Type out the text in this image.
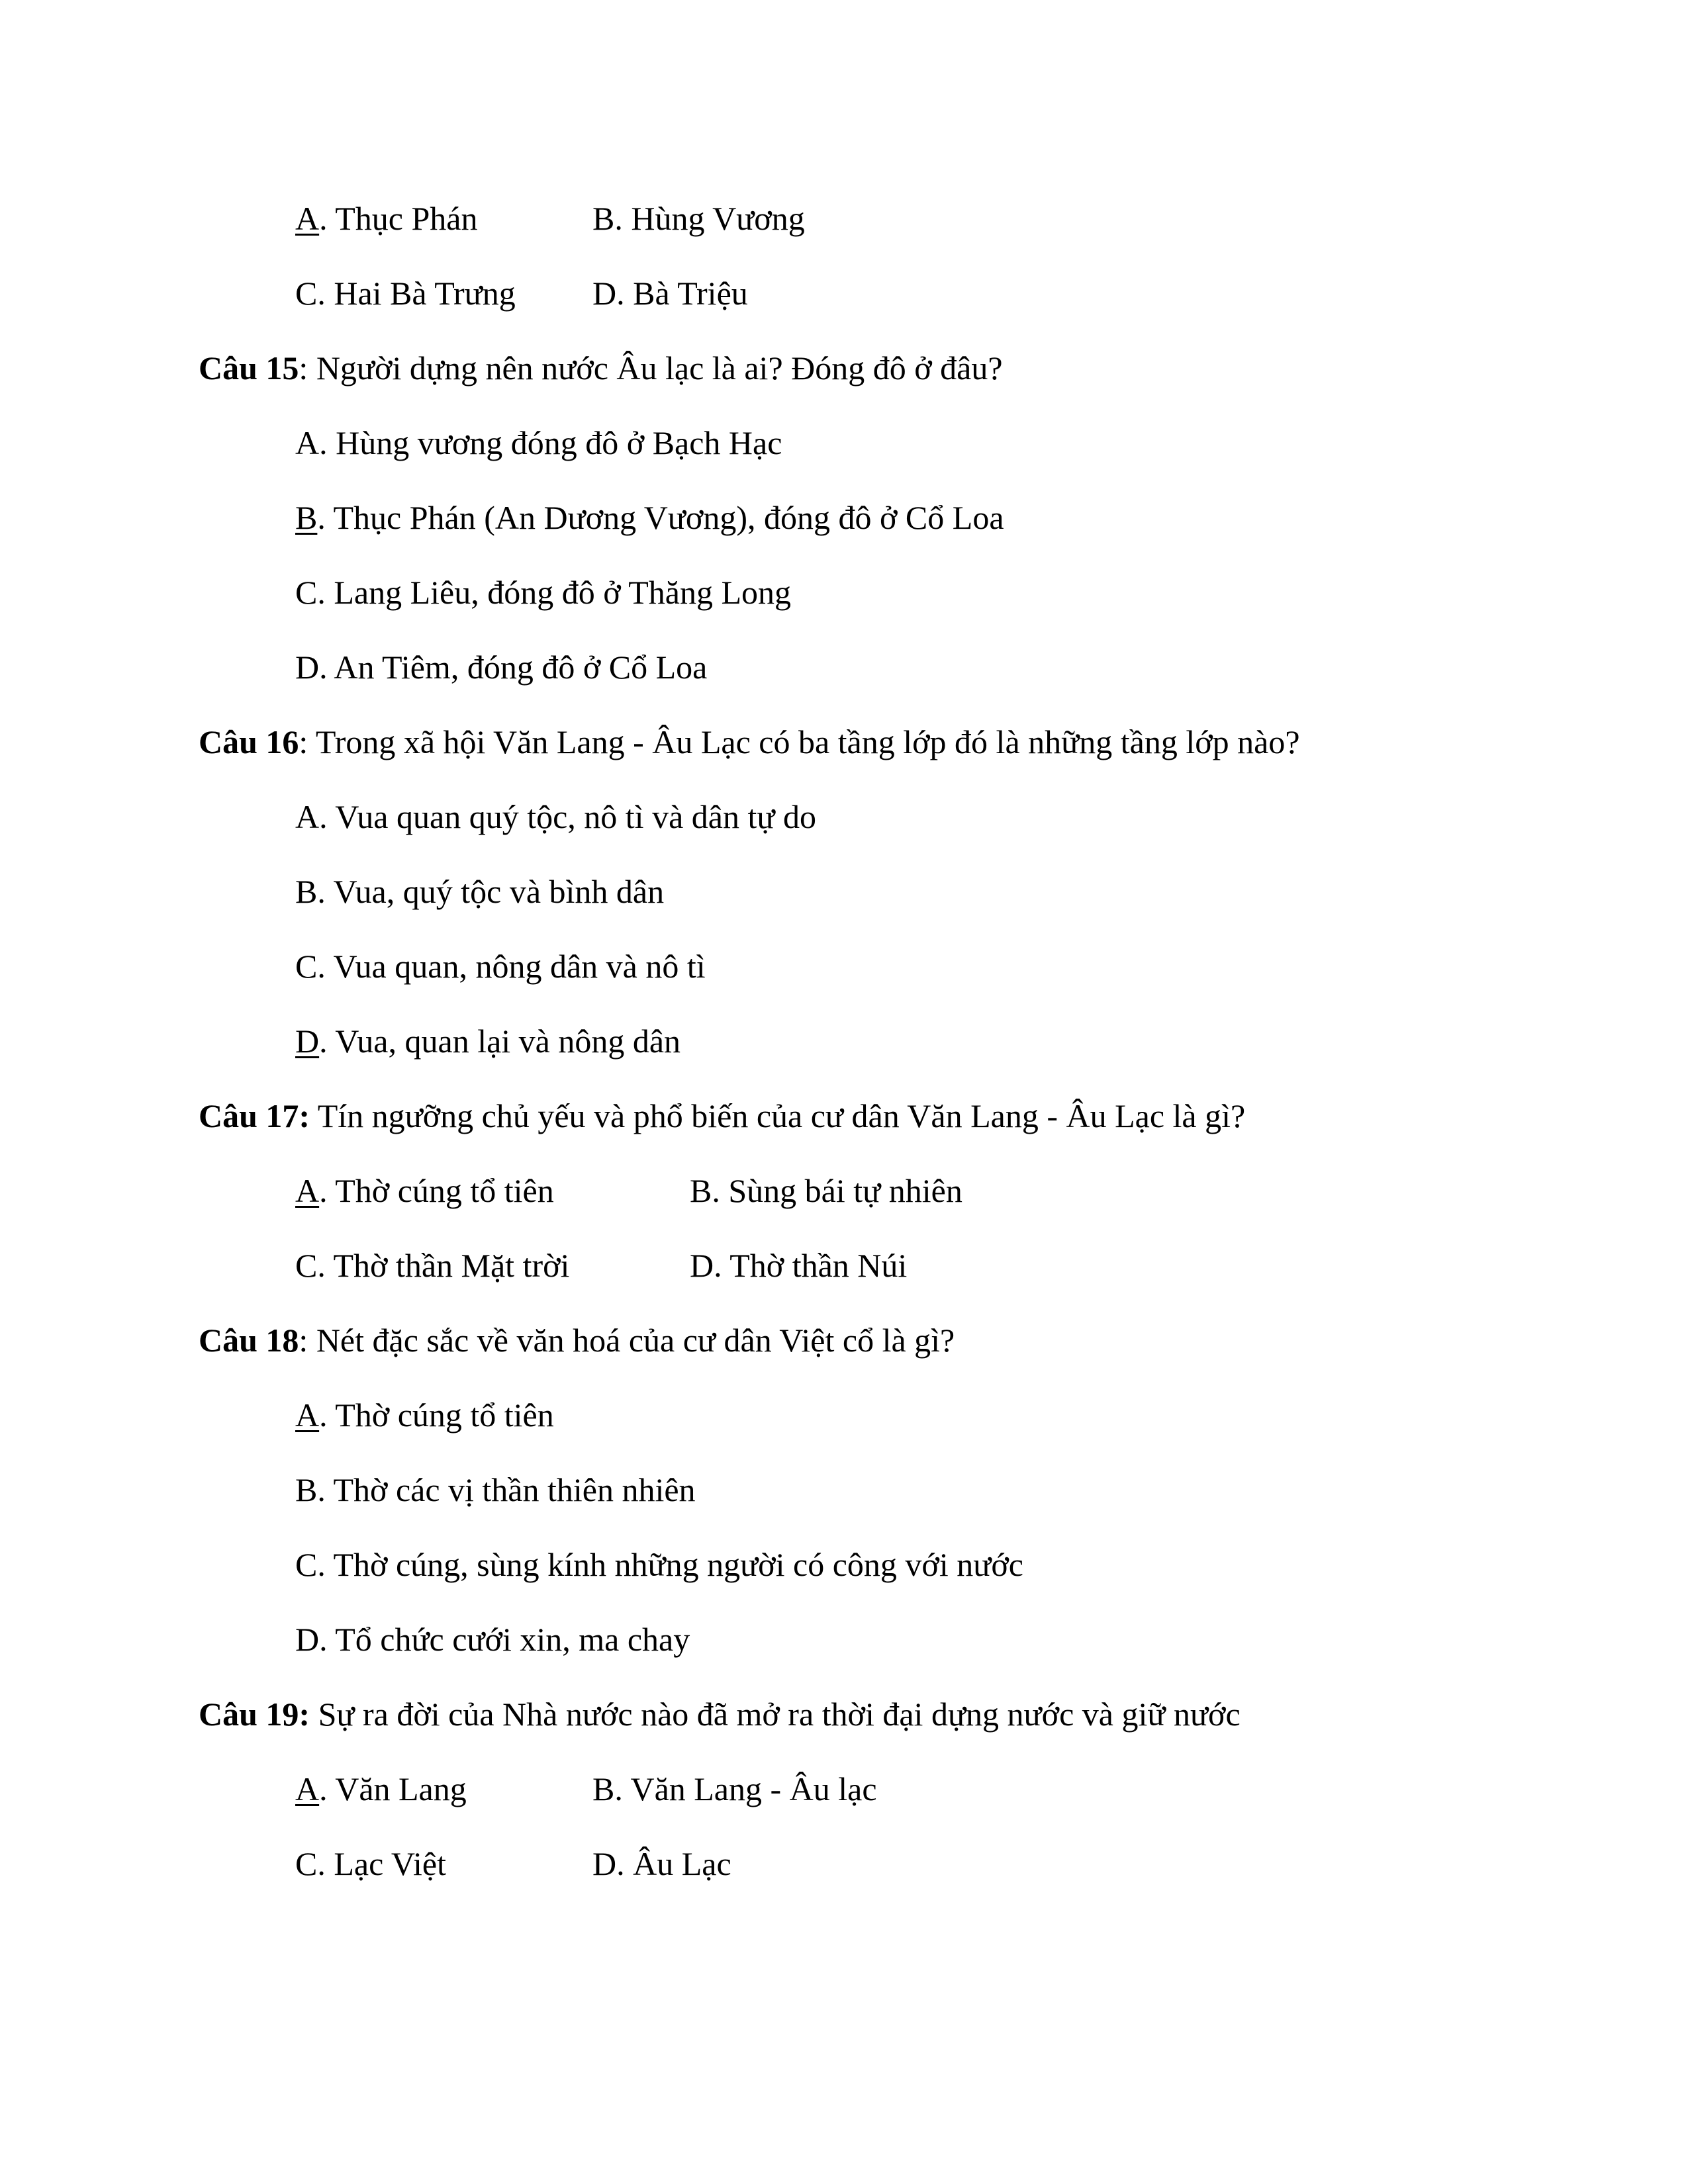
A. Thục Phán	B. Hùng Vương
C. Hai Bà Trưng D. Bà Triệu
Câu 15: Người dựng nên nước Âu lạc là ai? Đóng đô ở đâu?
A. Hùng vương đóng đô ở Bạch Hạc
B. Thục Phán (An Dương Vương), đóng đô ở Cổ Loa
C. Lang Liêu, đóng đô ở Thăng Long
D. An Tiêm, đóng đô ở Cổ Loa
Câu 16: Trong xã hội Văn Lang - Âu Lạc có ba tầng lớp đó là những tầng lớp nào?
A. Vua quan quý tộc, nô tì và dân tự do
B. Vua, quý tộc và bình dân
C. Vua quan, nông dân và nô tì
D. Vua, quan lại và nông dân
Câu 17: Tín ngưỡng chủ yếu và phổ biến của cư dân Văn Lang - Âu Lạc là gì?
A. Thờ cúng tổ tiên	B. Sùng bái tự nhiên
C. Thờ thần Mặt trời	D. Thờ thần Núi
Câu 18: Nét đặc sắc về văn hoá của cư dân Việt cổ là gì?
A. Thờ cúng tổ tiên
B. Thờ các vị thần thiên nhiên
C. Thờ cúng, sùng kính những người có công với nước
D. Tổ chức cưới xin, ma chay
Câu 19: Sự ra đời của Nhà nước nào đã mở ra thời đại dựng nước và giữ nước
A. Văn Lang	B. Văn Lang - Âu lạc
C. Lạc Việt	D. Âu Lạc
